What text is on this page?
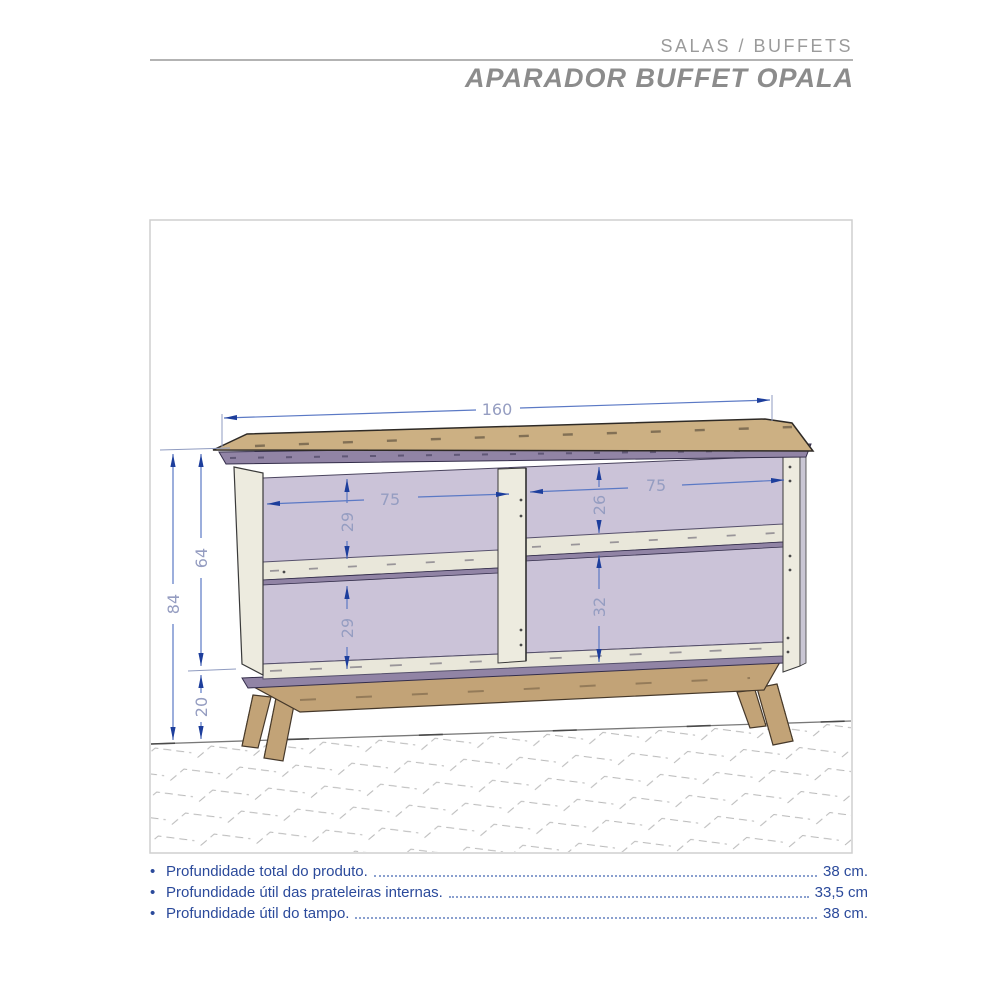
SALAS / BUFFETS
APARADOR BUFFET OPALA
160
84
64
20
75
29
29
75
26
32
• Profundidade total do produto.	38 cm.
• Profundidade útil das prateleiras internas.	33,5 cm
• Profundidade útil do tampo.	38 cm.
